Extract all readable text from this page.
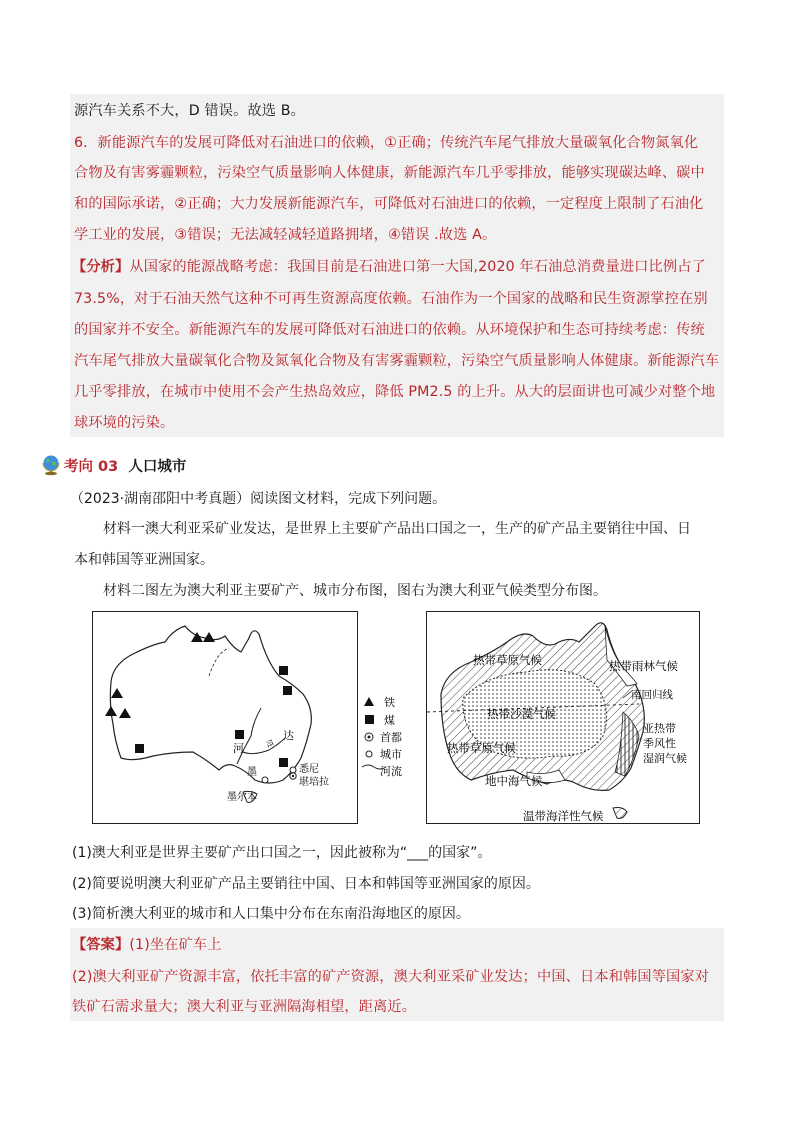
源汽车关系不大，D 错误。故选 B。
6．新能源汽车的发展可降低对石油进口的依赖，①正确；传统汽车尾气排放大量碳氧化合物氮氧化
合物及有害雾霾颗粒，污染空气质量影响人体健康，新能源汽车几乎零排放，能够实现碳达峰、碳中
和的国际承诺，②正确；大力发展新能源汽车，可降低对石油进口的依赖，一定程度上限制了石油化
学工业的发展，③错误；无法减轻减轻道路拥堵，④错误 .故选 A。
【分析】从国家的能源战略考虑：我国目前是石油进口第一大国,2020 年石油总消费量进口比例占了
73.5%，对于石油天然气这种不可再生资源高度依赖。石油作为一个国家的战略和民生资源掌控在别
的国家并不安全。新能源汽车的发展可降低对石油进口的依赖。从环境保护和生态可持续考虑：传统
汽车尾气排放大量碳氧化合物及氮氧化合物及有害雾霾颗粒，污染空气质量影响人体健康。新能源汽车
几乎零排放，在城市中使用不会产生热岛效应，降低 PM2.5 的上升。从大的层面讲也可减少对整个地
球环境的污染。
考向 03 人口城市
（2023·湖南邵阳中考真题）阅读图文材料，完成下列问题。
材料一澳大利亚采矿业发达，是世界上主要矿产品出口国之一，生产的矿产品主要销往中国、日
本和韩国等亚洲国家。
材料二图左为澳大利亚主要矿产、城市分布图，图右为澳大利亚气候类型分布图。
河
达
令
墨	悉尼
堪培拉
墨尔本
铁
煤
首都
城市
河流
热带草原气候	热带雨林气候
南回归线
热带沙漠气候
亚热带
季风性
湿润气候
热带草原气候
地中海气候
温带海洋性气候
(1)澳大利亚是世界主要矿产出口国之一，因此被称为“___的国家”。
(2)简要说明澳大利亚矿产品主要销往中国、日本和韩国等亚洲国家的原因。
(3)简析澳大利亚的城市和人口集中分布在东南沿海地区的原因。
【答案】(1)坐在矿车上
(2)澳大利亚矿产资源丰富，依托丰富的矿产资源，澳大利亚采矿业发达；中国、日本和韩国等国家对
铁矿石需求量大；澳大利亚与亚洲隔海相望，距离近。
